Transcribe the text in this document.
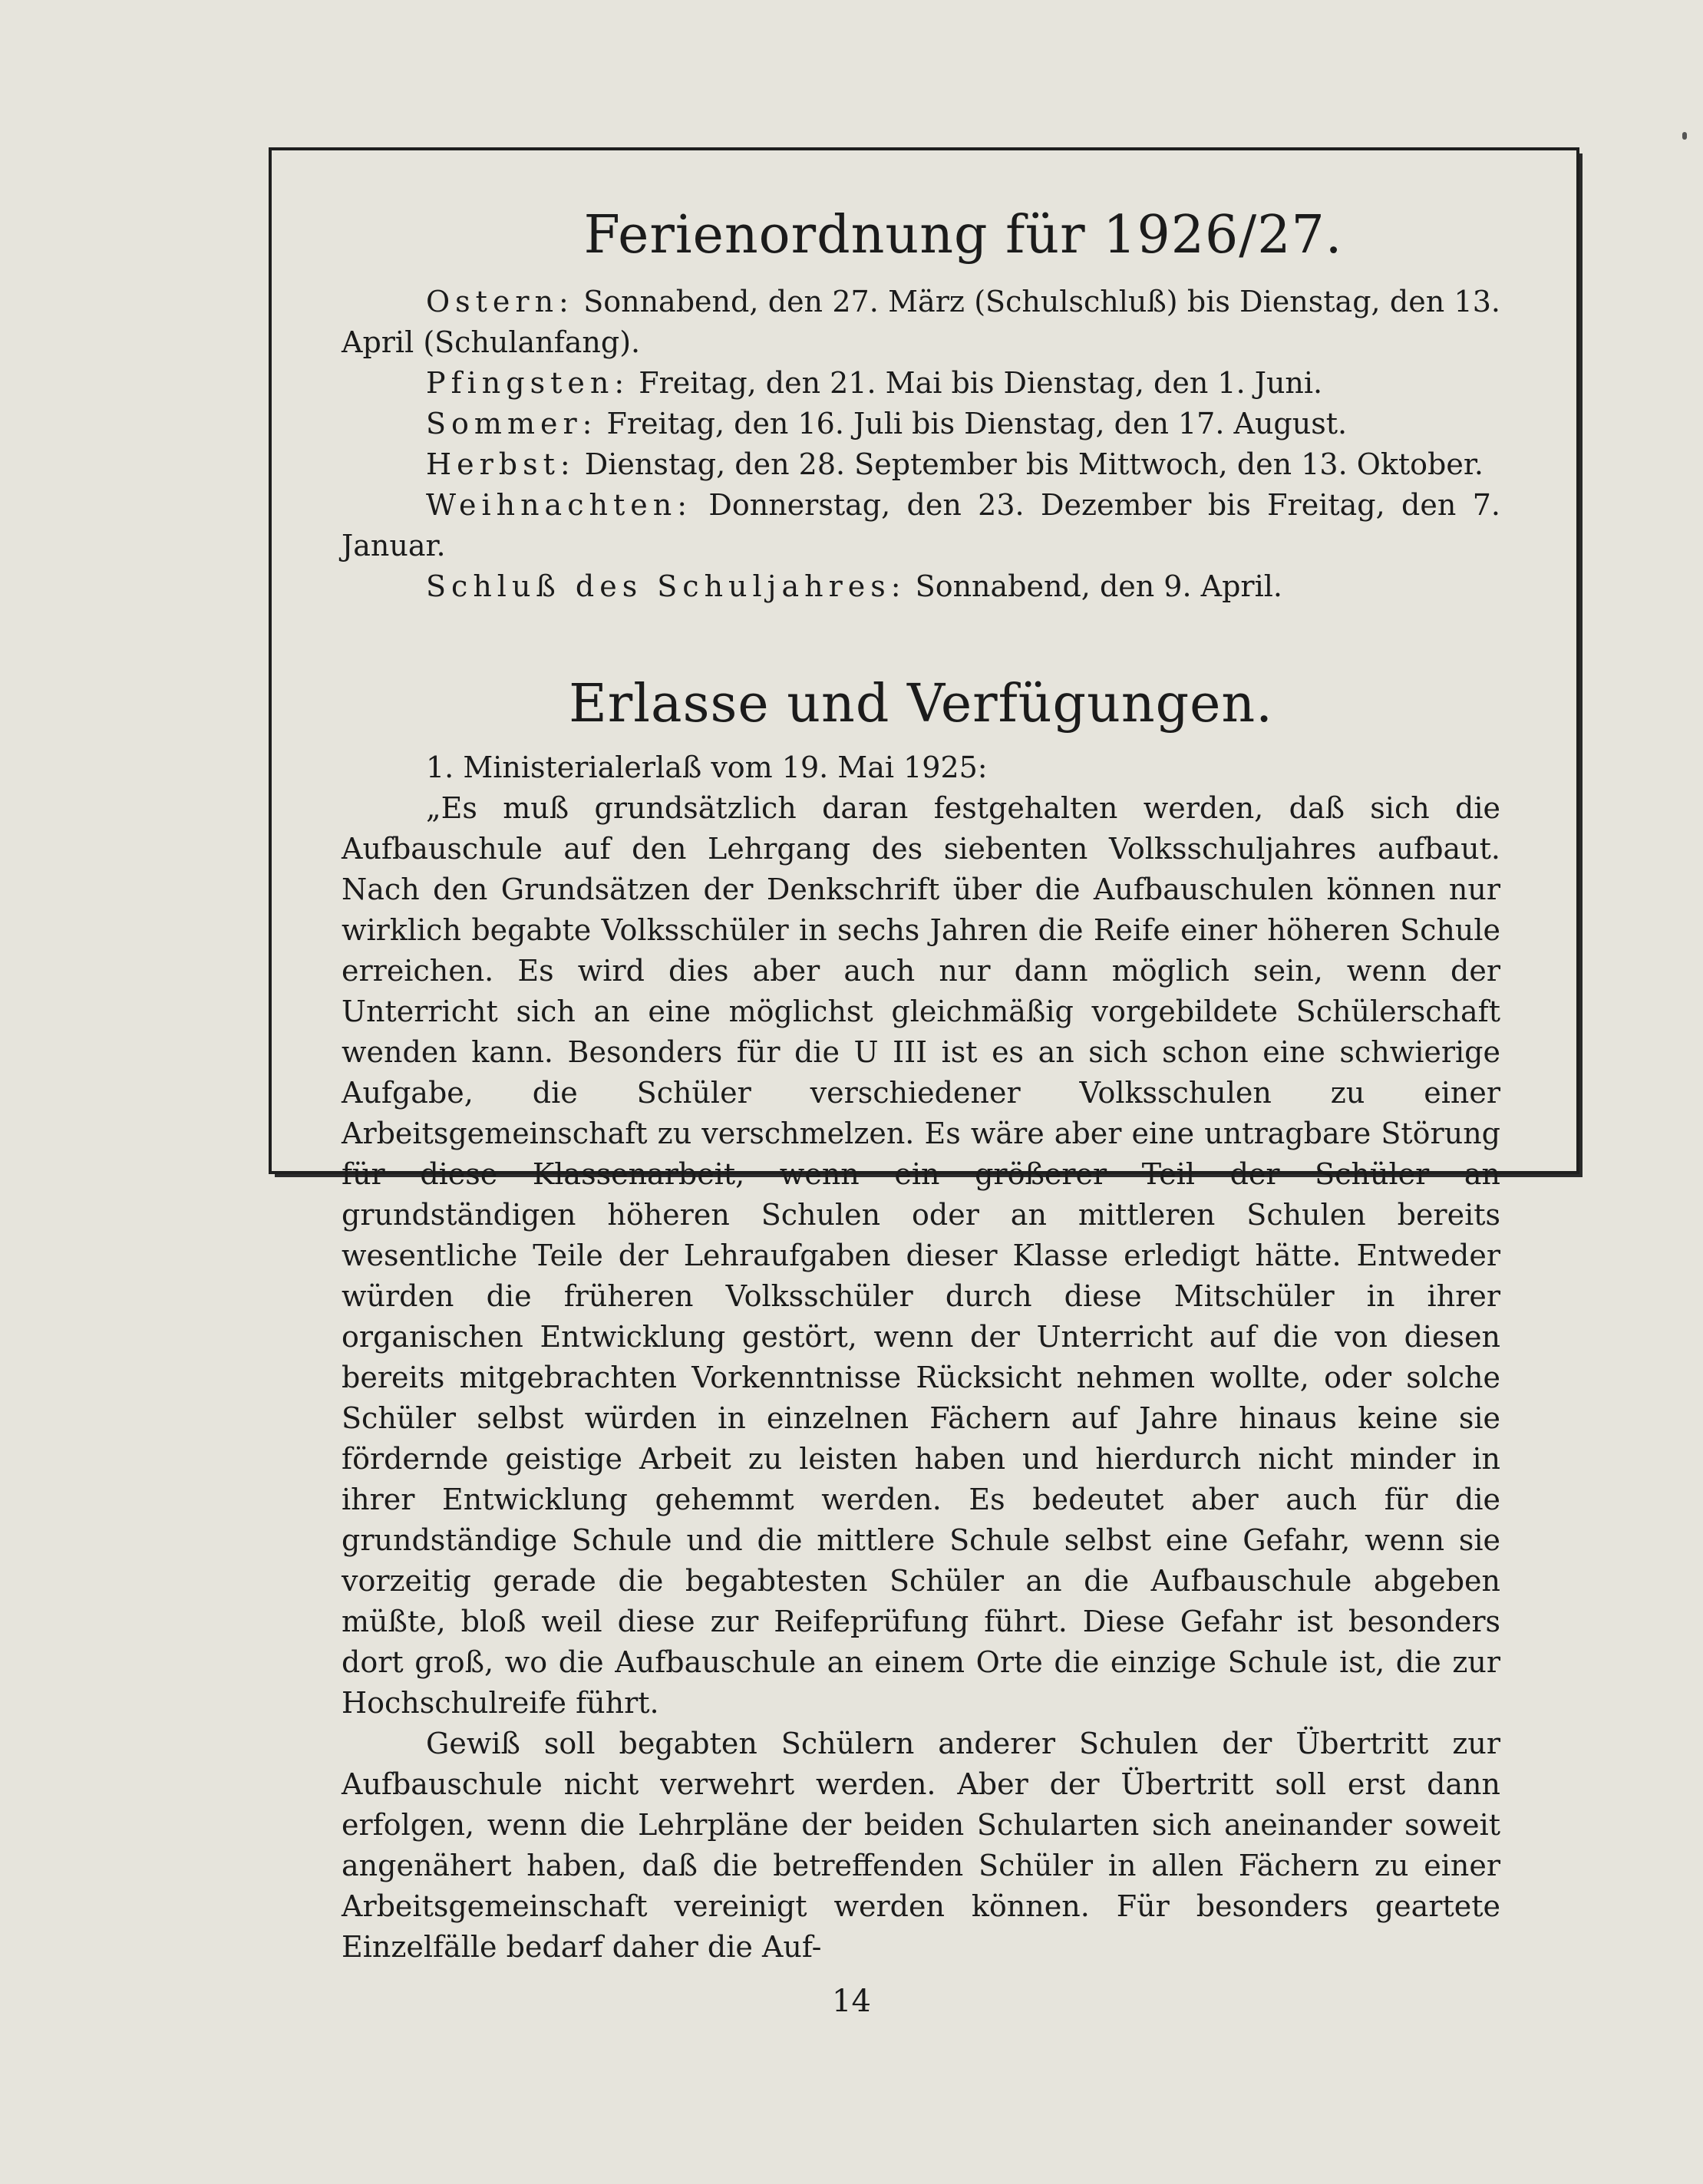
Ferienordnung für 1926/27.

Ostern: Sonnabend, den 27. März (Schulschluß) bis Dienstag, den 13. April (Schulanfang).

Pfingsten: Freitag, den 21. Mai bis Dienstag, den 1. Juni.

Sommer: Freitag, den 16. Juli bis Dienstag, den 17. August.

Herbst: Dienstag, den 28. September bis Mittwoch, den 13. Oktober.

Weihnachten: Donnerstag, den 23. Dezember bis Freitag, den 7. Januar.

Schluß des Schuljahres: Sonnabend, den 9. April.

Erlasse und Verfügungen.

1. Ministerialerlaß vom 19. Mai 1925:

„Es muß grundsätzlich daran festgehalten werden, daß sich die Aufbauschule auf den Lehrgang des siebenten Volksschuljahres aufbaut. Nach den Grundsätzen der Denkschrift über die Aufbauschulen können nur wirklich begabte Volksschüler in sechs Jahren die Reife einer höheren Schule erreichen. Es wird dies aber auch nur dann möglich sein, wenn der Unterricht sich an eine möglichst gleichmäßig vorgebildete Schülerschaft wenden kann. Besonders für die U III ist es an sich schon eine schwierige Aufgabe, die Schüler verschiedener Volksschulen zu einer Arbeitsgemeinschaft zu verschmelzen. Es wäre aber eine untragbare Störung für diese Klassenarbeit, wenn ein größerer Teil der Schüler an grundständigen höheren Schulen oder an mittleren Schulen bereits wesentliche Teile der Lehraufgaben dieser Klasse erledigt hätte. Entweder würden die früheren Volksschüler durch diese Mitschüler in ihrer organischen Entwicklung gestört, wenn der Unterricht auf die von diesen bereits mitgebrachten Vorkenntnisse Rücksicht nehmen wollte, oder solche Schüler selbst würden in einzelnen Fächern auf Jahre hinaus keine sie fördernde geistige Arbeit zu leisten haben und hierdurch nicht minder in ihrer Entwicklung gehemmt werden. Es bedeutet aber auch für die grundständige Schule und die mittlere Schule selbst eine Gefahr, wenn sie vorzeitig gerade die begabtesten Schüler an die Aufbauschule abgeben müßte, bloß weil diese zur Reifeprüfung führt. Diese Gefahr ist besonders dort groß, wo die Aufbauschule an einem Orte die einzige Schule ist, die zur Hochschulreife führt.

Gewiß soll begabten Schülern anderer Schulen der Übertritt zur Aufbauschule nicht verwehrt werden. Aber der Übertritt soll erst dann erfolgen, wenn die Lehrpläne der beiden Schularten sich aneinander soweit angenähert haben, daß die betreffenden Schüler in allen Fächern zu einer Arbeitsgemeinschaft vereinigt werden können. Für besonders geartete Einzelfälle bedarf daher die Auf-

14
